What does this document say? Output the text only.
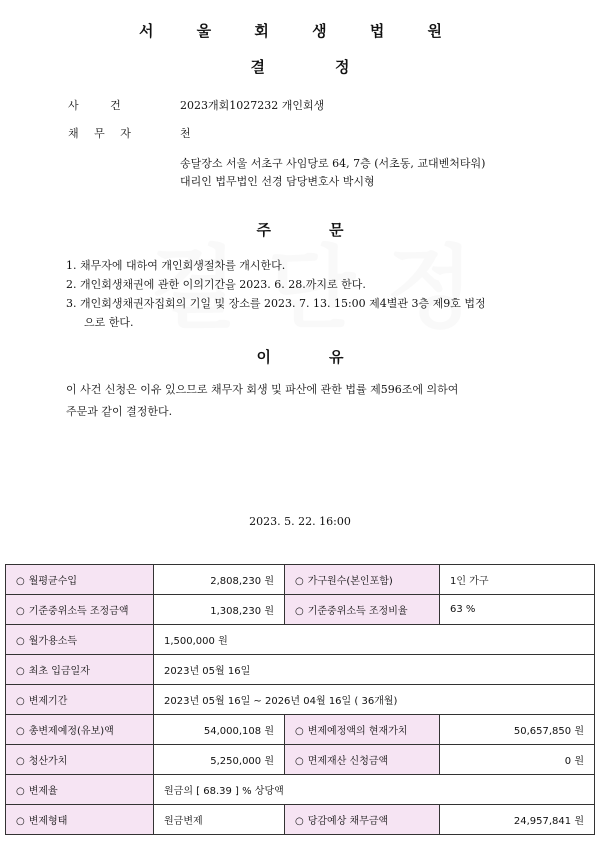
서 울 회 생 법 원
결	정
사 건	2023개회1027232 개인회생
채 무 자	천
송달장소 서울 서초구 사임당로 64, 7층 (서초동, 교대벤처타워)
대리인 법무법인 선경 담당변호사 박시형
주	문
1. 채무자에 대하여 개인회생절차를 개시한다.
2. 개인회생채권에 관한 이의기간을 2023. 6. 28.까지로 한다.
3. 개인회생채권자집회의 기일 및 장소를 2023. 7. 13. 15:00 제4별관 3층 제9호 법정
으로 한다.
이	유
이 사건 신청은 이유 있으므로 채무자 회생 및 파산에 관한 법률 제596조에 의하여
주문과 같이 결정한다.
2023. 5. 22. 16:00
○ 월평균수입	2,808,230 원	○ 가구원수(본인포함)	1인 가구
○ 기준중위소득 조정금액	1,308,230 원	○ 기준중위소득 조정비율	63 %
○ 월가용소득	1,500,000 원		
○ 최초 입금일자	2023년 05월 16일		
○ 변제기간	2023년 05월 16일 ~ 2026년 04월 16일 ( 36개월)		
○ 총변제예정(유보)액	54,000,108 원	○ 변제예정액의 현재가치	50,657,850 원
○ 청산가치	5,250,000 원	○ 면제재산 신청금액	0 원
○ 변제율	원금의 [ 68.39 ] % 상당액		
○ 변제형태	원금변제	○ 당감예상 채무금액	24,957,841 원
